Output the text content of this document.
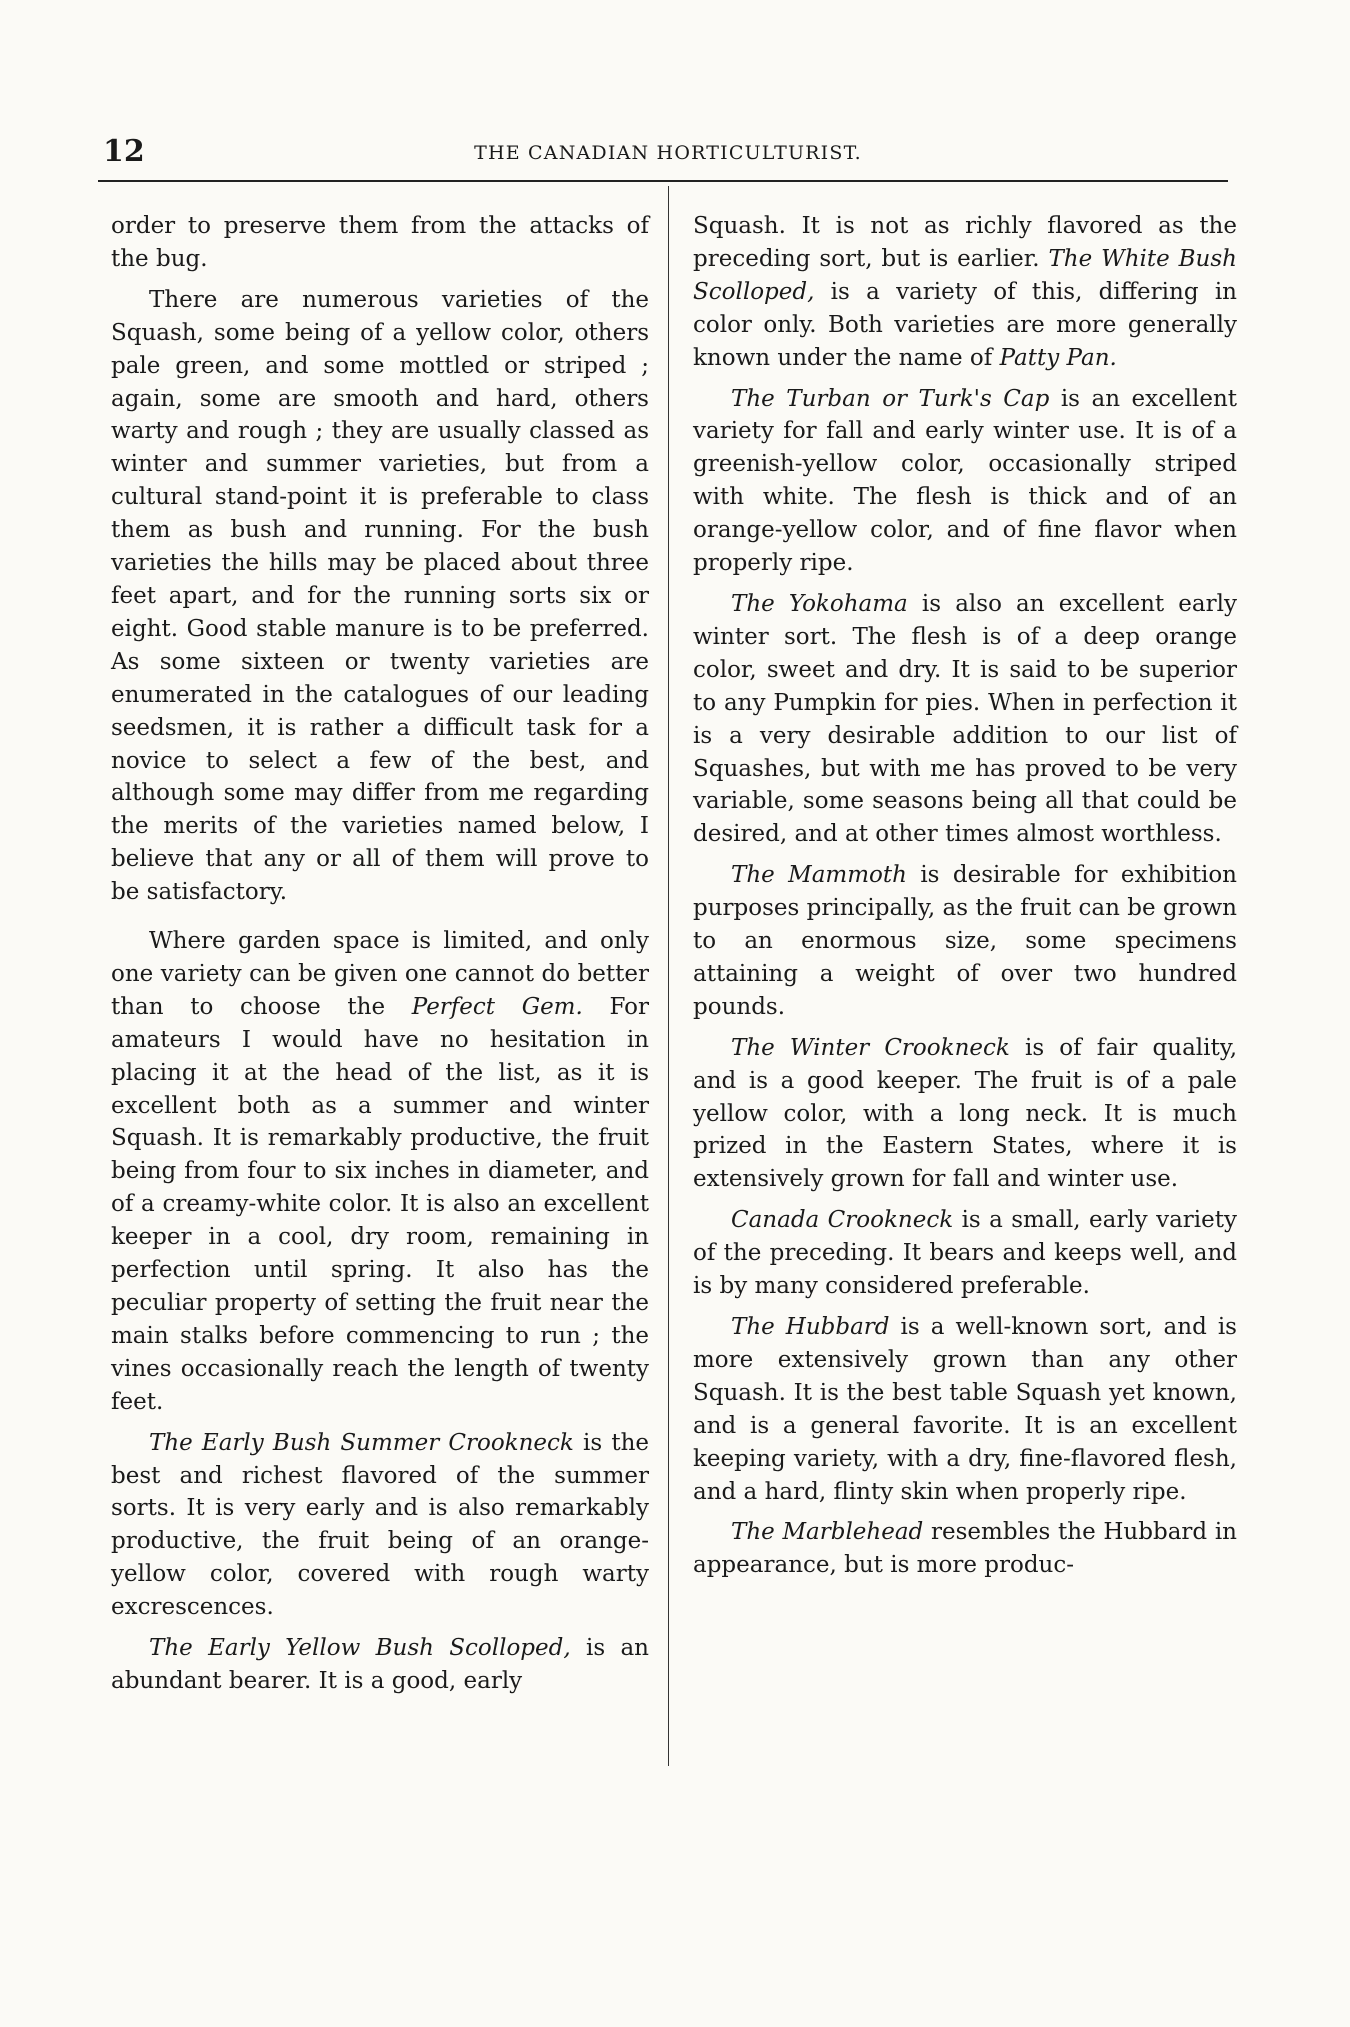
12	THE CANADIAN HORTICULTURIST.

order to preserve them from the attacks of the bug.

There are numerous varieties of the Squash, some being of a yellow color, others pale green, and some mottled or striped ; again, some are smooth and hard, others warty and rough ; they are usually classed as winter and summer varieties, but from a cultural stand-point it is preferable to class them as bush and running. For the bush varieties the hills may be placed about three feet apart, and for the running sorts six or eight. Good stable manure is to be preferred. As some sixteen or twenty varieties are enumerated in the catalogues of our leading seedsmen, it is rather a difficult task for a novice to select a few of the best, and although some may differ from me regarding the merits of the varieties named below, I believe that any or all of them will prove to be satisfactory.

Where garden space is limited, and only one variety can be given one cannot do better than to choose the Perfect Gem. For amateurs I would have no hesitation in placing it at the head of the list, as it is excellent both as a summer and winter Squash. It is remarkably productive, the fruit being from four to six inches in diameter, and of a creamy-white color. It is also an excellent keeper in a cool, dry room, remaining in perfection until spring. It also has the peculiar property of setting the fruit near the main stalks before commencing to run ; the vines occasionally reach the length of twenty feet.

The Early Bush Summer Crookneck is the best and richest flavored of the summer sorts. It is very early and is also remarkably productive, the fruit being of an orange-yellow color, covered with rough warty excrescences.

The Early Yellow Bush Scolloped, is an abundant bearer. It is a good, early

Squash. It is not as richly flavored as the preceding sort, but is earlier. The White Bush Scolloped, is a variety of this, differing in color only. Both varieties are more generally known under the name of Patty Pan.

The Turban or Turk's Cap is an excellent variety for fall and early winter use. It is of a greenish-yellow color, occasionally striped with white. The flesh is thick and of an orange-yellow color, and of fine flavor when properly ripe.

The Yokohama is also an excellent early winter sort. The flesh is of a deep orange color, sweet and dry. It is said to be superior to any Pumpkin for pies. When in perfection it is a very desirable addition to our list of Squashes, but with me has proved to be very variable, some seasons being all that could be desired, and at other times almost worthless.

The Mammoth is desirable for exhibition purposes principally, as the fruit can be grown to an enormous size, some specimens attaining a weight of over two hundred pounds.

The Winter Crookneck is of fair quality, and is a good keeper. The fruit is of a pale yellow color, with a long neck. It is much prized in the Eastern States, where it is extensively grown for fall and winter use.

Canada Crookneck is a small, early variety of the preceding. It bears and keeps well, and is by many considered preferable.

The Hubbard is a well-known sort, and is more extensively grown than any other Squash. It is the best table Squash yet known, and is a general favorite. It is an excellent keeping variety, with a dry, fine-flavored flesh, and a hard, flinty skin when properly ripe.

The Marblehead resembles the Hubbard in appearance, but is more produc-
